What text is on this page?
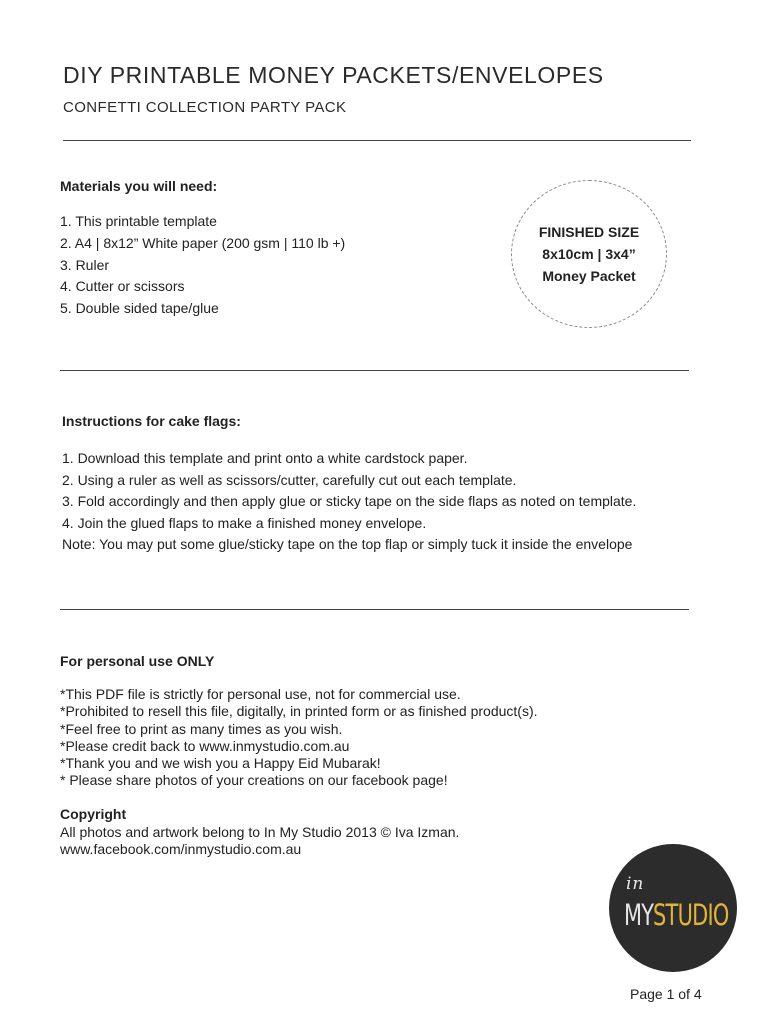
DIY PRINTABLE MONEY PACKETS/ENVELOPES
CONFETTI COLLECTION PARTY PACK
Materials you will need:
1. This printable template
2. A4 | 8x12” White paper (200 gsm | 110 lb +)
3. Ruler
4. Cutter or scissors
5. Double sided tape/glue
FINISHED SIZE
8x10cm | 3x4”
Money Packet
Instructions for cake flags:
1. Download this template and print onto a white cardstock paper.
2. Using a ruler as well as scissors/cutter, carefully cut out each template.
3. Fold accordingly and then apply glue or sticky tape on the side flaps as noted on template.
4. Join the glued flaps to make a finished money envelope.
Note: You may put some glue/sticky tape on the top flap or simply tuck it inside the envelope
For personal use ONLY
*This PDF file is strictly for personal use, not for commercial use.
*Prohibited to resell this file, digitally, in printed form or as finished product(s).
*Feel free to print as many times as you wish.
*Please credit back to www.inmystudio.com.au
*Thank you and we wish you a Happy Eid Mubarak!
* Please share photos of your creations on our facebook page!
Copyright
All photos and artwork belong to In My Studio 2013 © Iva Izman.
www.facebook.com/inmystudio.com.au
in
MY STUDIO
Page 1 of 4
